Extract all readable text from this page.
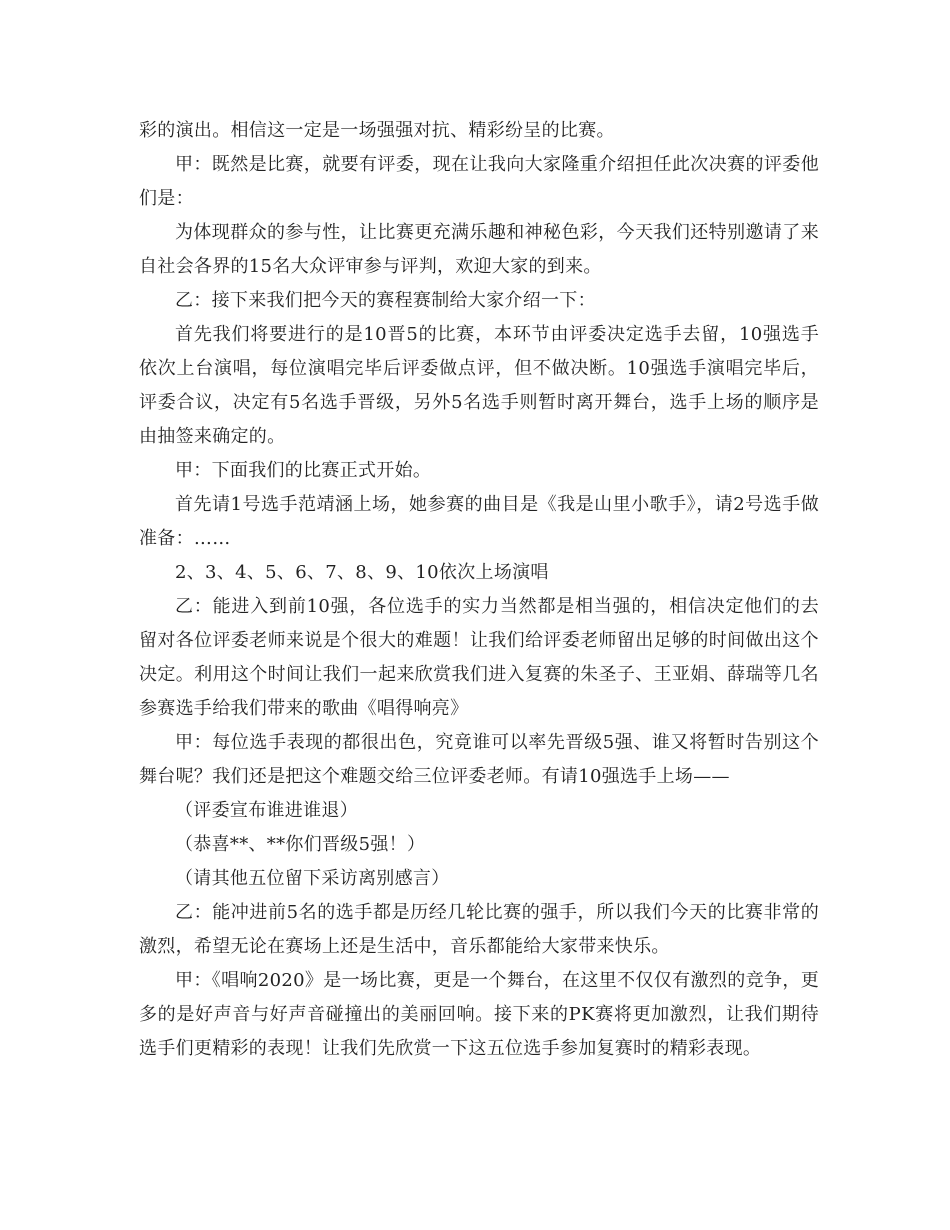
彩的演出。相信这一定是一场强强对抗、精彩纷呈的比赛。

甲：既然是比赛，就要有评委，现在让我向大家隆重介绍担任此次决赛的评委他们是：

为体现群众的参与性，让比赛更充满乐趣和神秘色彩，今天我们还特别邀请了来自社会各界的15名大众评审参与评判，欢迎大家的到来。

乙：接下来我们把今天的赛程赛制给大家介绍一下：

首先我们将要进行的是10晋5的比赛，本环节由评委决定选手去留，10强选手依次上台演唱，每位演唱完毕后评委做点评，但不做决断。10强选手演唱完毕后，评委合议，决定有5名选手晋级，另外5名选手则暂时离开舞台，选手上场的顺序是由抽签来确定的。

甲：下面我们的比赛正式开始。

首先请1号选手范靖涵上场，她参赛的曲目是《我是山里小歌手》，请2号选手做准备：……

2、3、4、5、6、7、8、9、10依次上场演唱

乙：能进入到前10强，各位选手的实力当然都是相当强的，相信决定他们的去留对各位评委老师来说是个很大的难题！让我们给评委老师留出足够的时间做出这个决定。利用这个时间让我们一起来欣赏我们进入复赛的朱圣子、王亚娟、薛瑞等几名参赛选手给我们带来的歌曲《唱得响亮》

甲：每位选手表现的都很出色，究竟谁可以率先晋级5强、谁又将暂时告别这个舞台呢？我们还是把这个难题交给三位评委老师。有请10强选手上场——

（评委宣布谁进谁退）

（恭喜**、**你们晋级5强！）

（请其他五位留下采访离别感言）

乙：能冲进前5名的选手都是历经几轮比赛的强手，所以我们今天的比赛非常的激烈，希望无论在赛场上还是生活中，音乐都能给大家带来快乐。

甲：《唱响2020》是一场比赛，更是一个舞台，在这里不仅仅有激烈的竞争，更多的是好声音与好声音碰撞出的美丽回响。接下来的PK赛将更加激烈，让我们期待选手们更精彩的表现！让我们先欣赏一下这五位选手参加复赛时的精彩表现。
